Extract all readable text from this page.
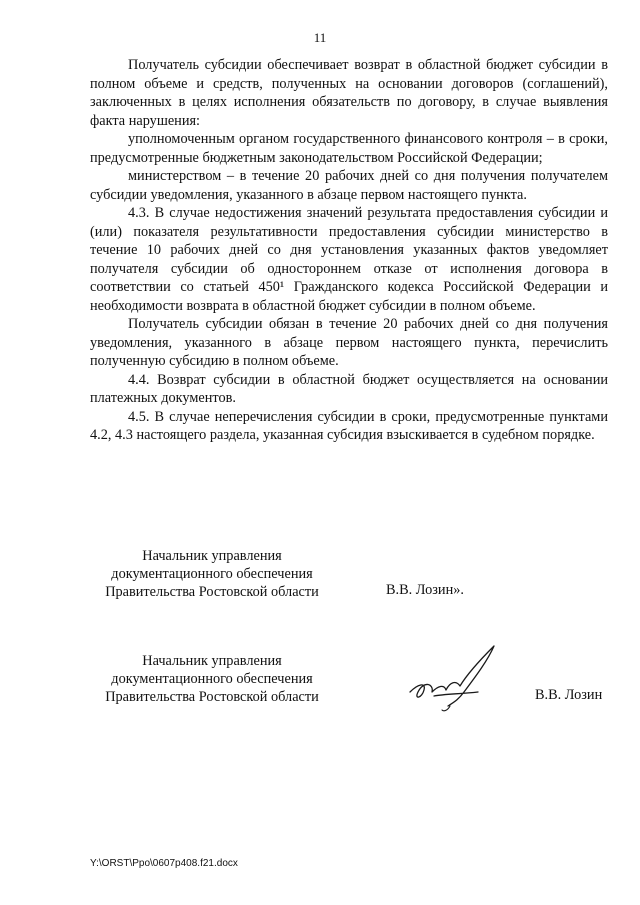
11

Получатель субсидии обеспечивает возврат в областной бюджет субсидии в полном объеме и средств, полученных на основании договоров (соглашений), заключенных в целях исполнения обязательств по договору, в случае выявления факта нарушения:

уполномоченным органом государственного финансового контроля – в сроки, предусмотренные бюджетным законодательством Российской Федерации;

министерством – в течение 20 рабочих дней со дня получения получателем субсидии уведомления, указанного в абзаце первом настоящего пункта.

4.3. В случае недостижения значений результата предоставления субсидии и (или) показателя результативности предоставления субсидии министерство в течение 10 рабочих дней со дня установления указанных фактов уведомляет получателя субсидии об одностороннем отказе от исполнения договора в соответствии со статьей 450¹ Гражданского кодекса Российской Федерации и необходимости возврата в областной бюджет субсидии в полном объеме.

Получатель субсидии обязан в течение 20 рабочих дней со дня получения уведомления, указанного в абзаце первом настоящего пункта, перечислить полученную субсидию в полном объеме.

4.4. Возврат субсидии в областной бюджет осуществляется на основании платежных документов.

4.5. В случае неперечисления субсидии в сроки, предусмотренные пунктами 4.2, 4.3 настоящего раздела, указанная субсидия взыскивается в судебном порядке.

Начальник управления
документационного обеспечения
Правительства Ростовской области	В.В. Лозин».
Начальник управления
документационного обеспечения
Правительства Ростовской области	В.В. Лозин
Y:\ORST\Ppo\0607p408.f21.docx
